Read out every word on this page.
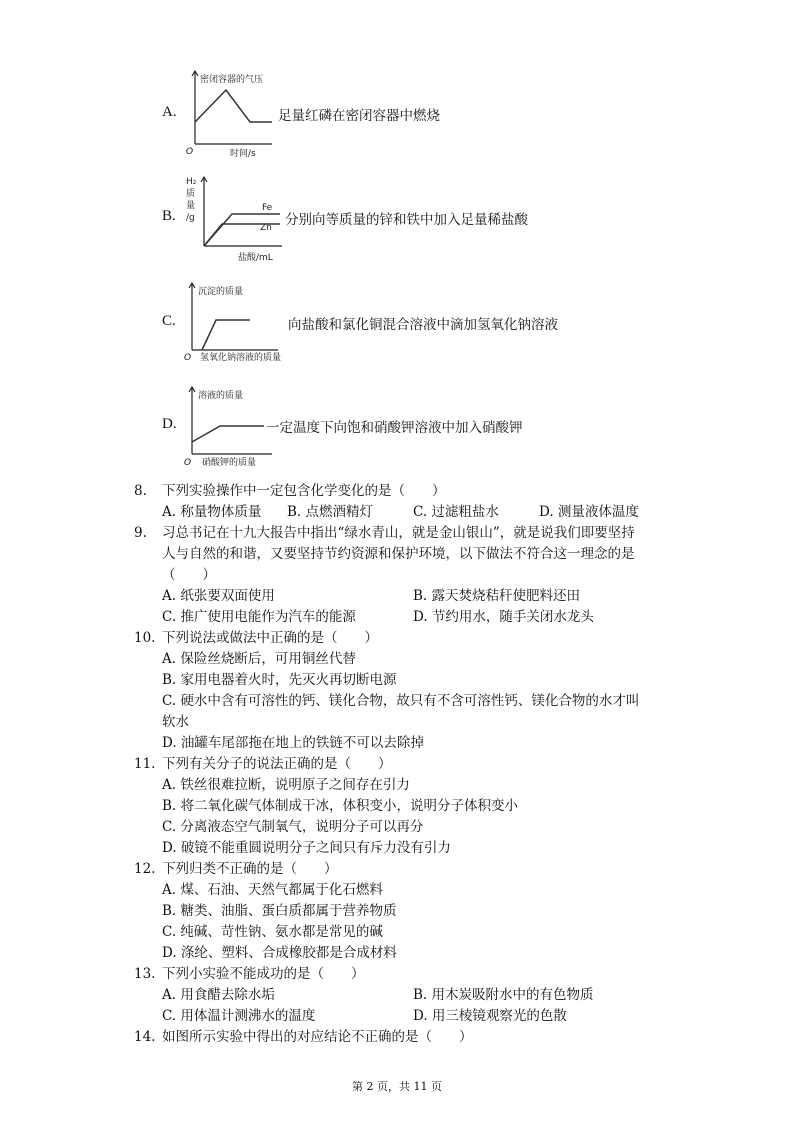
A.
密闭容器的气压
时间/s
O
足量红磷在密闭容器中燃烧
B.
H₂
质
量
/g
Fe
Zn
盐酸/mL
分别向等质量的锌和铁中加入足量稀盐酸
C.
沉淀的质量
氢氧化钠溶液的质量
O
向盐酸和氯化铜混合溶液中滴加氢氧化钠溶液
D.
溶液的质量
硝酸钾的质量
O
一定温度下向饱和硝酸钾溶液中加入硝酸钾
8. 下列实验操作中一定包含化学变化的是（　　）
A. 称量物体质量 B. 点燃酒精灯	C. 过滤粗盐水	D. 测量液体温度
9. 习总书记在十九大报告中指出“绿水青山，就是金山银山”，就是说我们即要坚持
人与自然的和谐，又要坚持节约资源和保护环境，以下做法不符合这一理念的是
（　　）
A. 纸张要双面使用	B. 露天焚烧秸秆使肥料还田
C. 推广使用电能作为汽车的能源	D. 节约用水，随手关闭水龙头
10. 下列说法或做法中正确的是（　　）
A. 保险丝烧断后，可用铜丝代替
B. 家用电器着火时，先灭火再切断电源
C. 硬水中含有可溶性的钙、镁化合物，故只有不含可溶性钙、镁化合物的水才叫
软水
D. 油罐车尾部拖在地上的铁链不可以去除掉
11. 下列有关分子的说法正确的是（　　）
A. 铁丝很难拉断，说明原子之间存在引力
B. 将二氧化碳气体制成干冰，体积变小，说明分子体积变小
C. 分离液态空气制氧气，说明分子可以再分
D. 破镜不能重圆说明分子之间只有斥力没有引力
12. 下列归类不正确的是（　　）
A. 煤、石油、天然气都属于化石燃料
B. 糖类、油脂、蛋白质都属于营养物质
C. 纯碱、苛性钠、氨水都是常见的碱
D. 涤纶、塑料、合成橡胶都是合成材料
13. 下列小实验不能成功的是（　　）
A. 用食醋去除水垢	B. 用木炭吸附水中的有色物质
C. 用体温计测沸水的温度	D. 用三棱镜观察光的色散
14. 如图所示实验中得出的对应结论不正确的是（　　）
第 2 页，共 11 页
